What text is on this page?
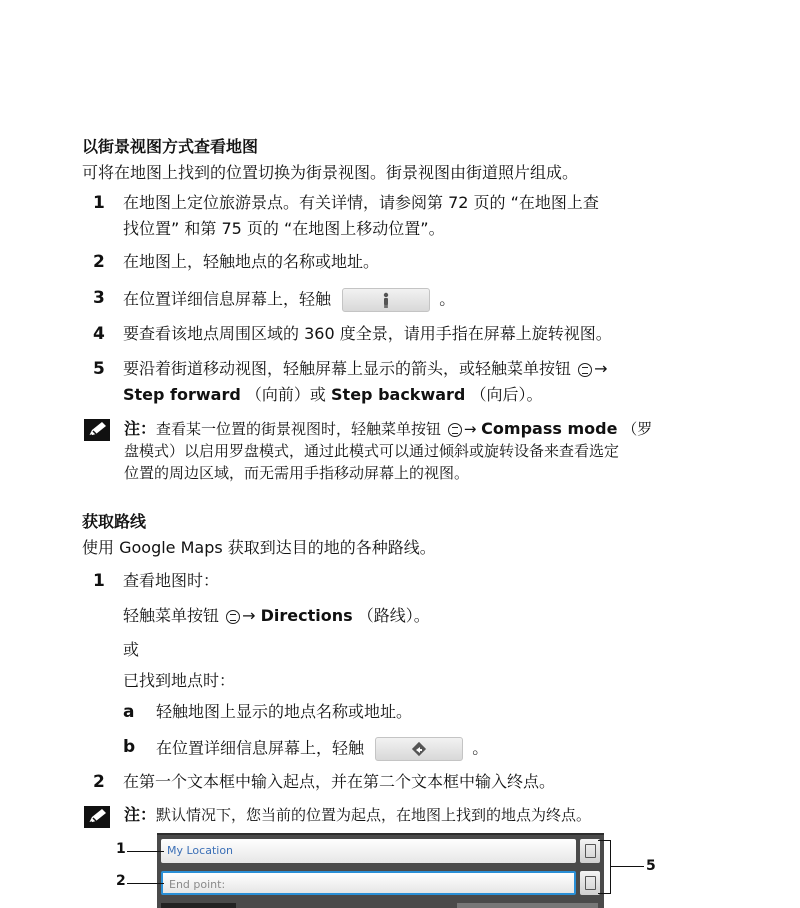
以街景视图方式查看地图
可将在地图上找到的位置切换为街景视图。街景视图由街道照片组成。
1 在地图上定位旅游景点。有关详情，请参阅第 72 页的 “在地图上查
找位置” 和第 75 页的 “在地图上移动位置”。
2 在地图上，轻触地点的名称或地址。
3 在位置详细信息屏幕上，轻触	。
4 要查看该地点周围区域的 360 度全景，请用手指在屏幕上旋转视图。
5 要沿着街道移动视图，轻触屏幕上显示的箭头，或轻触菜单按钮 →
Step forward （向前）或 Step backward （向后）。
注：查看某一位置的街景视图时，轻触菜单按钮 → Compass mode （罗
盘模式）以启用罗盘模式，通过此模式可以通过倾斜或旋转设备来查看选定
位置的周边区域，而无需用手指移动屏幕上的视图。
获取路线
使用 Google Maps 获取到达目的地的各种路线。
1 查看地图时：
轻触菜单按钮 → Directions （路线）。
或
已找到地点时：
a 轻触地图上显示的地点名称或地址。
b 在位置详细信息屏幕上，轻触	。
2 在第一个文本框中输入起点，并在第二个文本框中输入终点。
注：默认情况下，您当前的位置为起点，在地图上找到的地点为终点。
My Location
End point:
1
2
5
